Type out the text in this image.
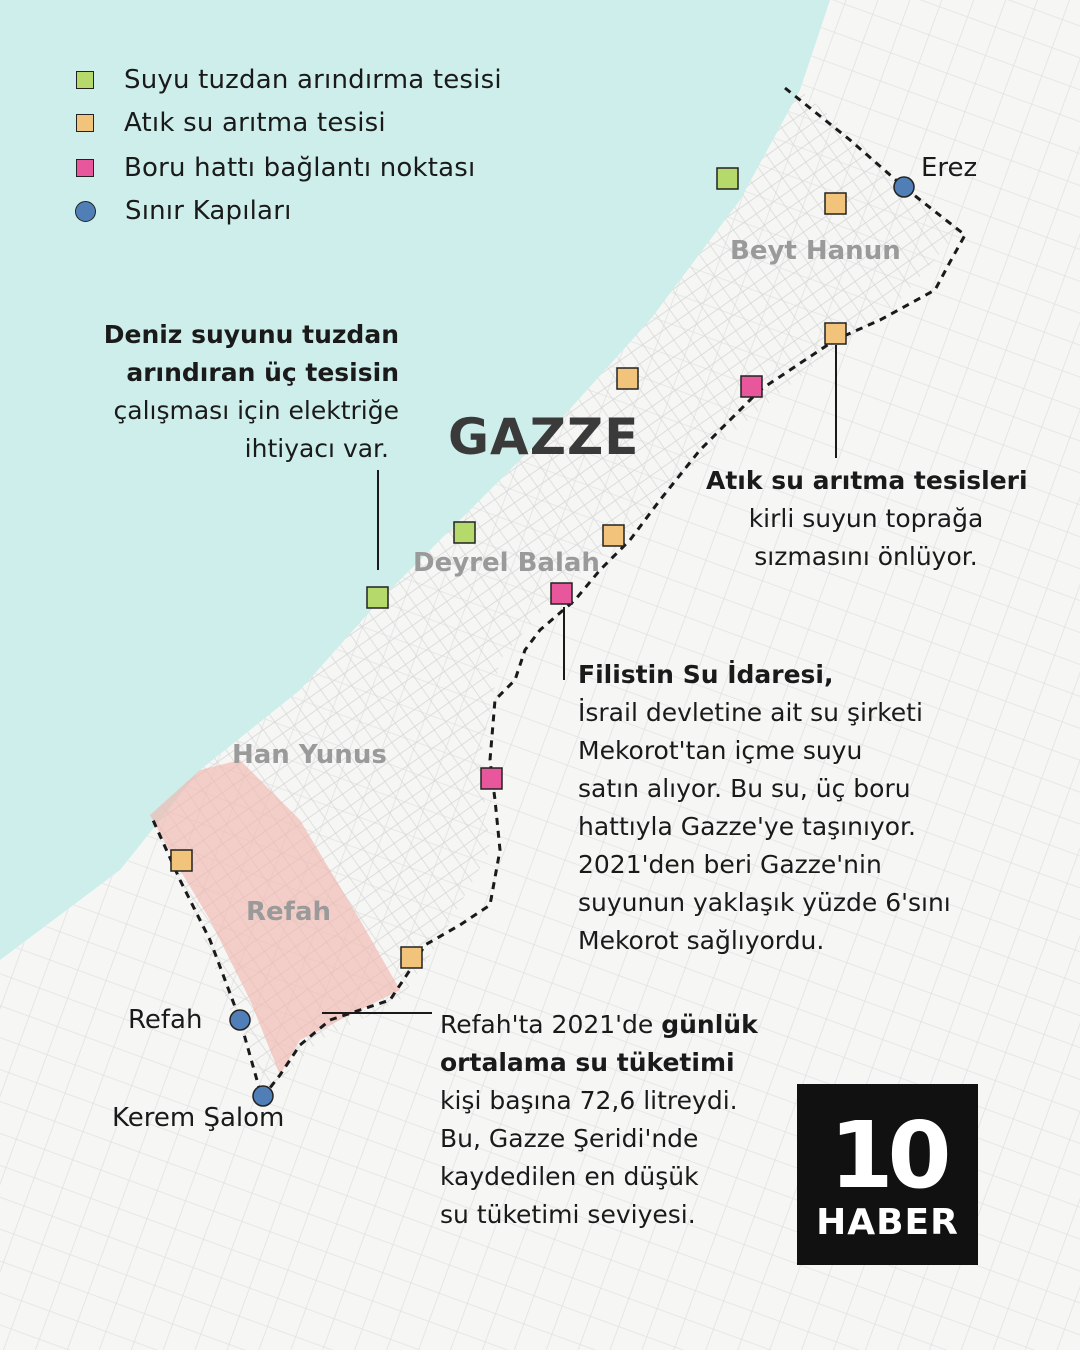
Suyu tuzdan arındırma tesisi
Atık su arıtma tesisi
Boru hattı bağlantı noktası
Sınır Kapıları
GAZZE
Beyt Hanun
Deyrel Balah
Han Yunus
Refah
Erez
Refah
Kerem Şalom
Deniz suyunu tuzdan
arındıran üç tesisin
çalışması için elektriğe
ihtiyacı var.
Atık su arıtma tesisleri
kirli suyun toprağa
sızmasını önlüyor.
Filistin Su İdaresi,
İsrail devletine ait su şirketi
Mekorot'tan içme suyu
satın alıyor. Bu su, üç boru
hattıyla Gazze'ye taşınıyor.
2021'den beri Gazze'nin
suyunun yaklaşık yüzde 6'sını
Mekorot sağlıyordu.
Refah'ta 2021'de günlük
ortalama su tüketimi
kişi başına 72,6 litreydi.
Bu, Gazze Şeridi'nde
kaydedilen en düşük
su tüketimi seviyesi.
10
HABER
